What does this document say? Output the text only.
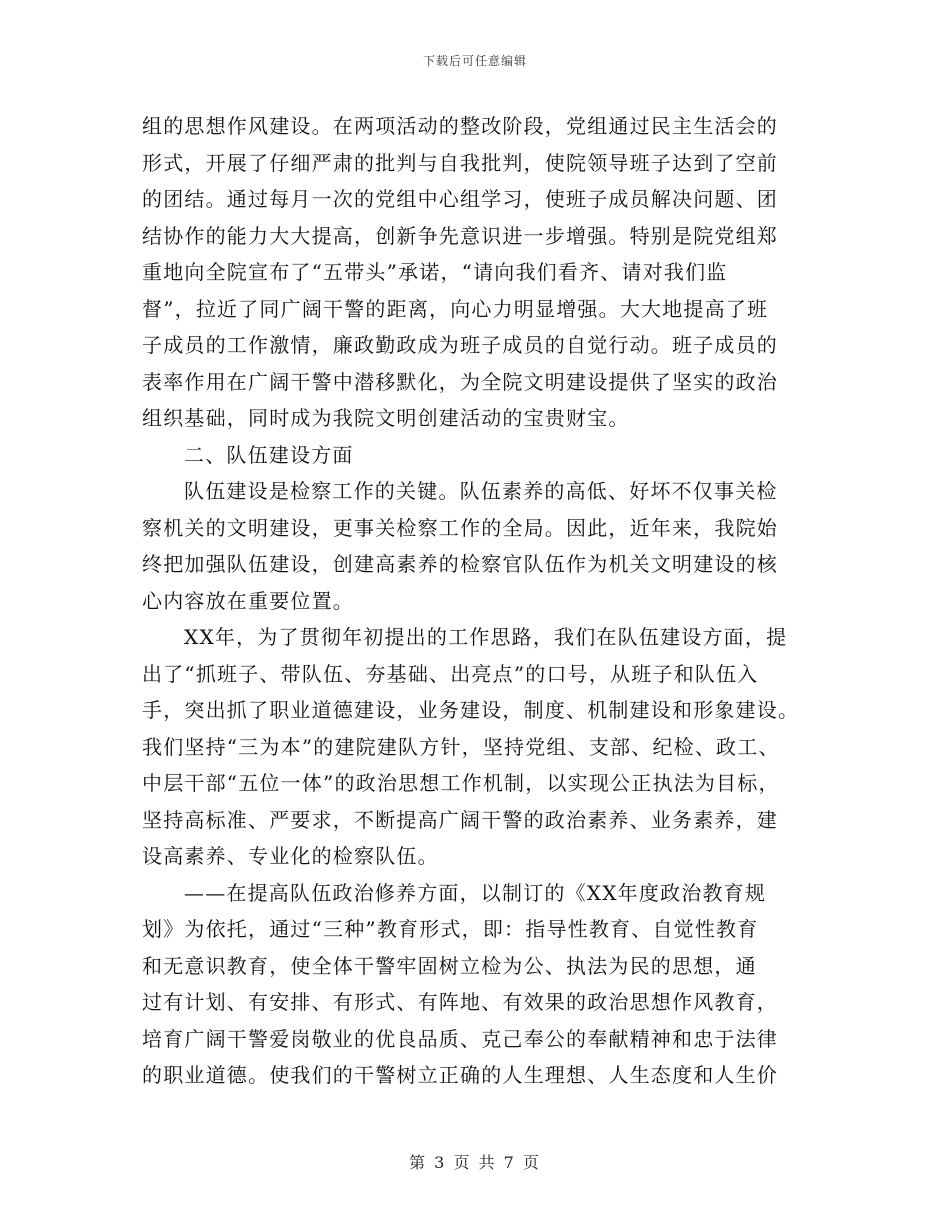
下载后可任意编辑
组的思想作风建设。在两项活动的整改阶段，党组通过民主生活会的
形式，开展了仔细严肃的批判与自我批判，使院领导班子达到了空前
的团结。通过每月一次的党组中心组学习，使班子成员解决问题、团
结协作的能力大大提高，创新争先意识进一步增强。特别是院党组郑
重地向全院宣布了“五带头”承诺，“请向我们看齐、请对我们监
督”，拉近了同广阔干警的距离，向心力明显增强。大大地提高了班
子成员的工作激情，廉政勤政成为班子成员的自觉行动。班子成员的
表率作用在广阔干警中潜移默化，为全院文明建设提供了坚实的政治
组织基础，同时成为我院文明创建活动的宝贵财宝。
二、队伍建设方面
队伍建设是检察工作的关键。队伍素养的高低、好坏不仅事关检
察机关的文明建设，更事关检察工作的全局。因此，近年来，我院始
终把加强队伍建设，创建高素养的检察官队伍作为机关文明建设的核
心内容放在重要位置。
XX年，为了贯彻年初提出的工作思路，我们在队伍建设方面，提
出了“抓班子、带队伍、夯基础、出亮点”的口号，从班子和队伍入
手，突出抓了职业道德建设，业务建设，制度、机制建设和形象建设。
我们坚持“三为本”的建院建队方针，坚持党组、支部、纪检、政工、
中层干部“五位一体”的政治思想工作机制，以实现公正执法为目标，
坚持高标准、严要求，不断提高广阔干警的政治素养、业务素养，建
设高素养、专业化的检察队伍。
——在提高队伍政治修养方面，以制订的《XX年度政治教育规
划》为依托，通过“三种”教育形式，即：指导性教育、自觉性教育
和无意识教育，使全体干警牢固树立检为公、执法为民的思想，通
过有计划、有安排、有形式、有阵地、有效果的政治思想作风教育，
培育广阔干警爱岗敬业的优良品质、克己奉公的奉献精神和忠于法律
的职业道德。使我们的干警树立正确的人生理想、人生态度和人生价
第 3 页 共 7 页
